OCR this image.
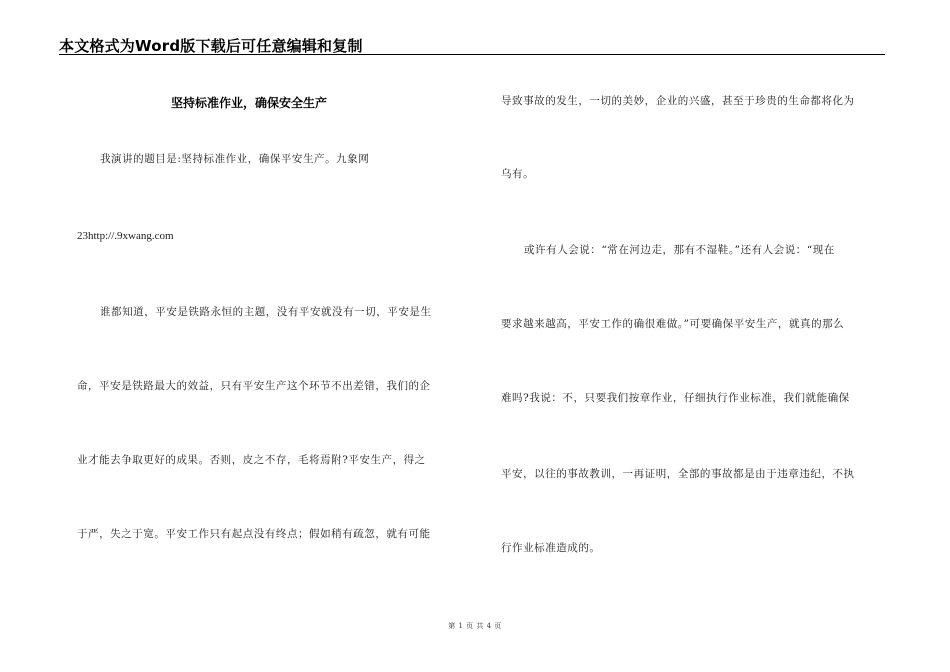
本文格式为Word版下载后可任意编辑和复制
坚持标准作业，确保安全生产
我演讲的题目是:坚持标准作业，确保平安生产。九象网
23http://.9xwang.com
谁都知道，平安是铁路永恒的主题，没有平安就没有一切，平安是生
命，平安是铁路最大的效益，只有平安生产这个环节不出差错，我们的企
业才能去争取更好的成果。否则，皮之不存，毛将焉附?平安生产，得之
于严，失之于宽。平安工作只有起点没有终点；假如稍有疏忽，就有可能
导致事故的发生，一切的美妙，企业的兴盛，甚至于珍贵的生命都将化为
乌有。
或许有人会说：“常在河边走，那有不湿鞋。”还有人会说：“现在
要求越来越高，平安工作的确很难做。”可要确保平安生产，就真的那么
难吗?我说：不，只要我们按章作业，仔细执行作业标准，我们就能确保
平安，以往的事故教训，一再证明，全部的事故都是由于违章违纪，不执
行作业标准造成的。
第 1 页 共 4 页
